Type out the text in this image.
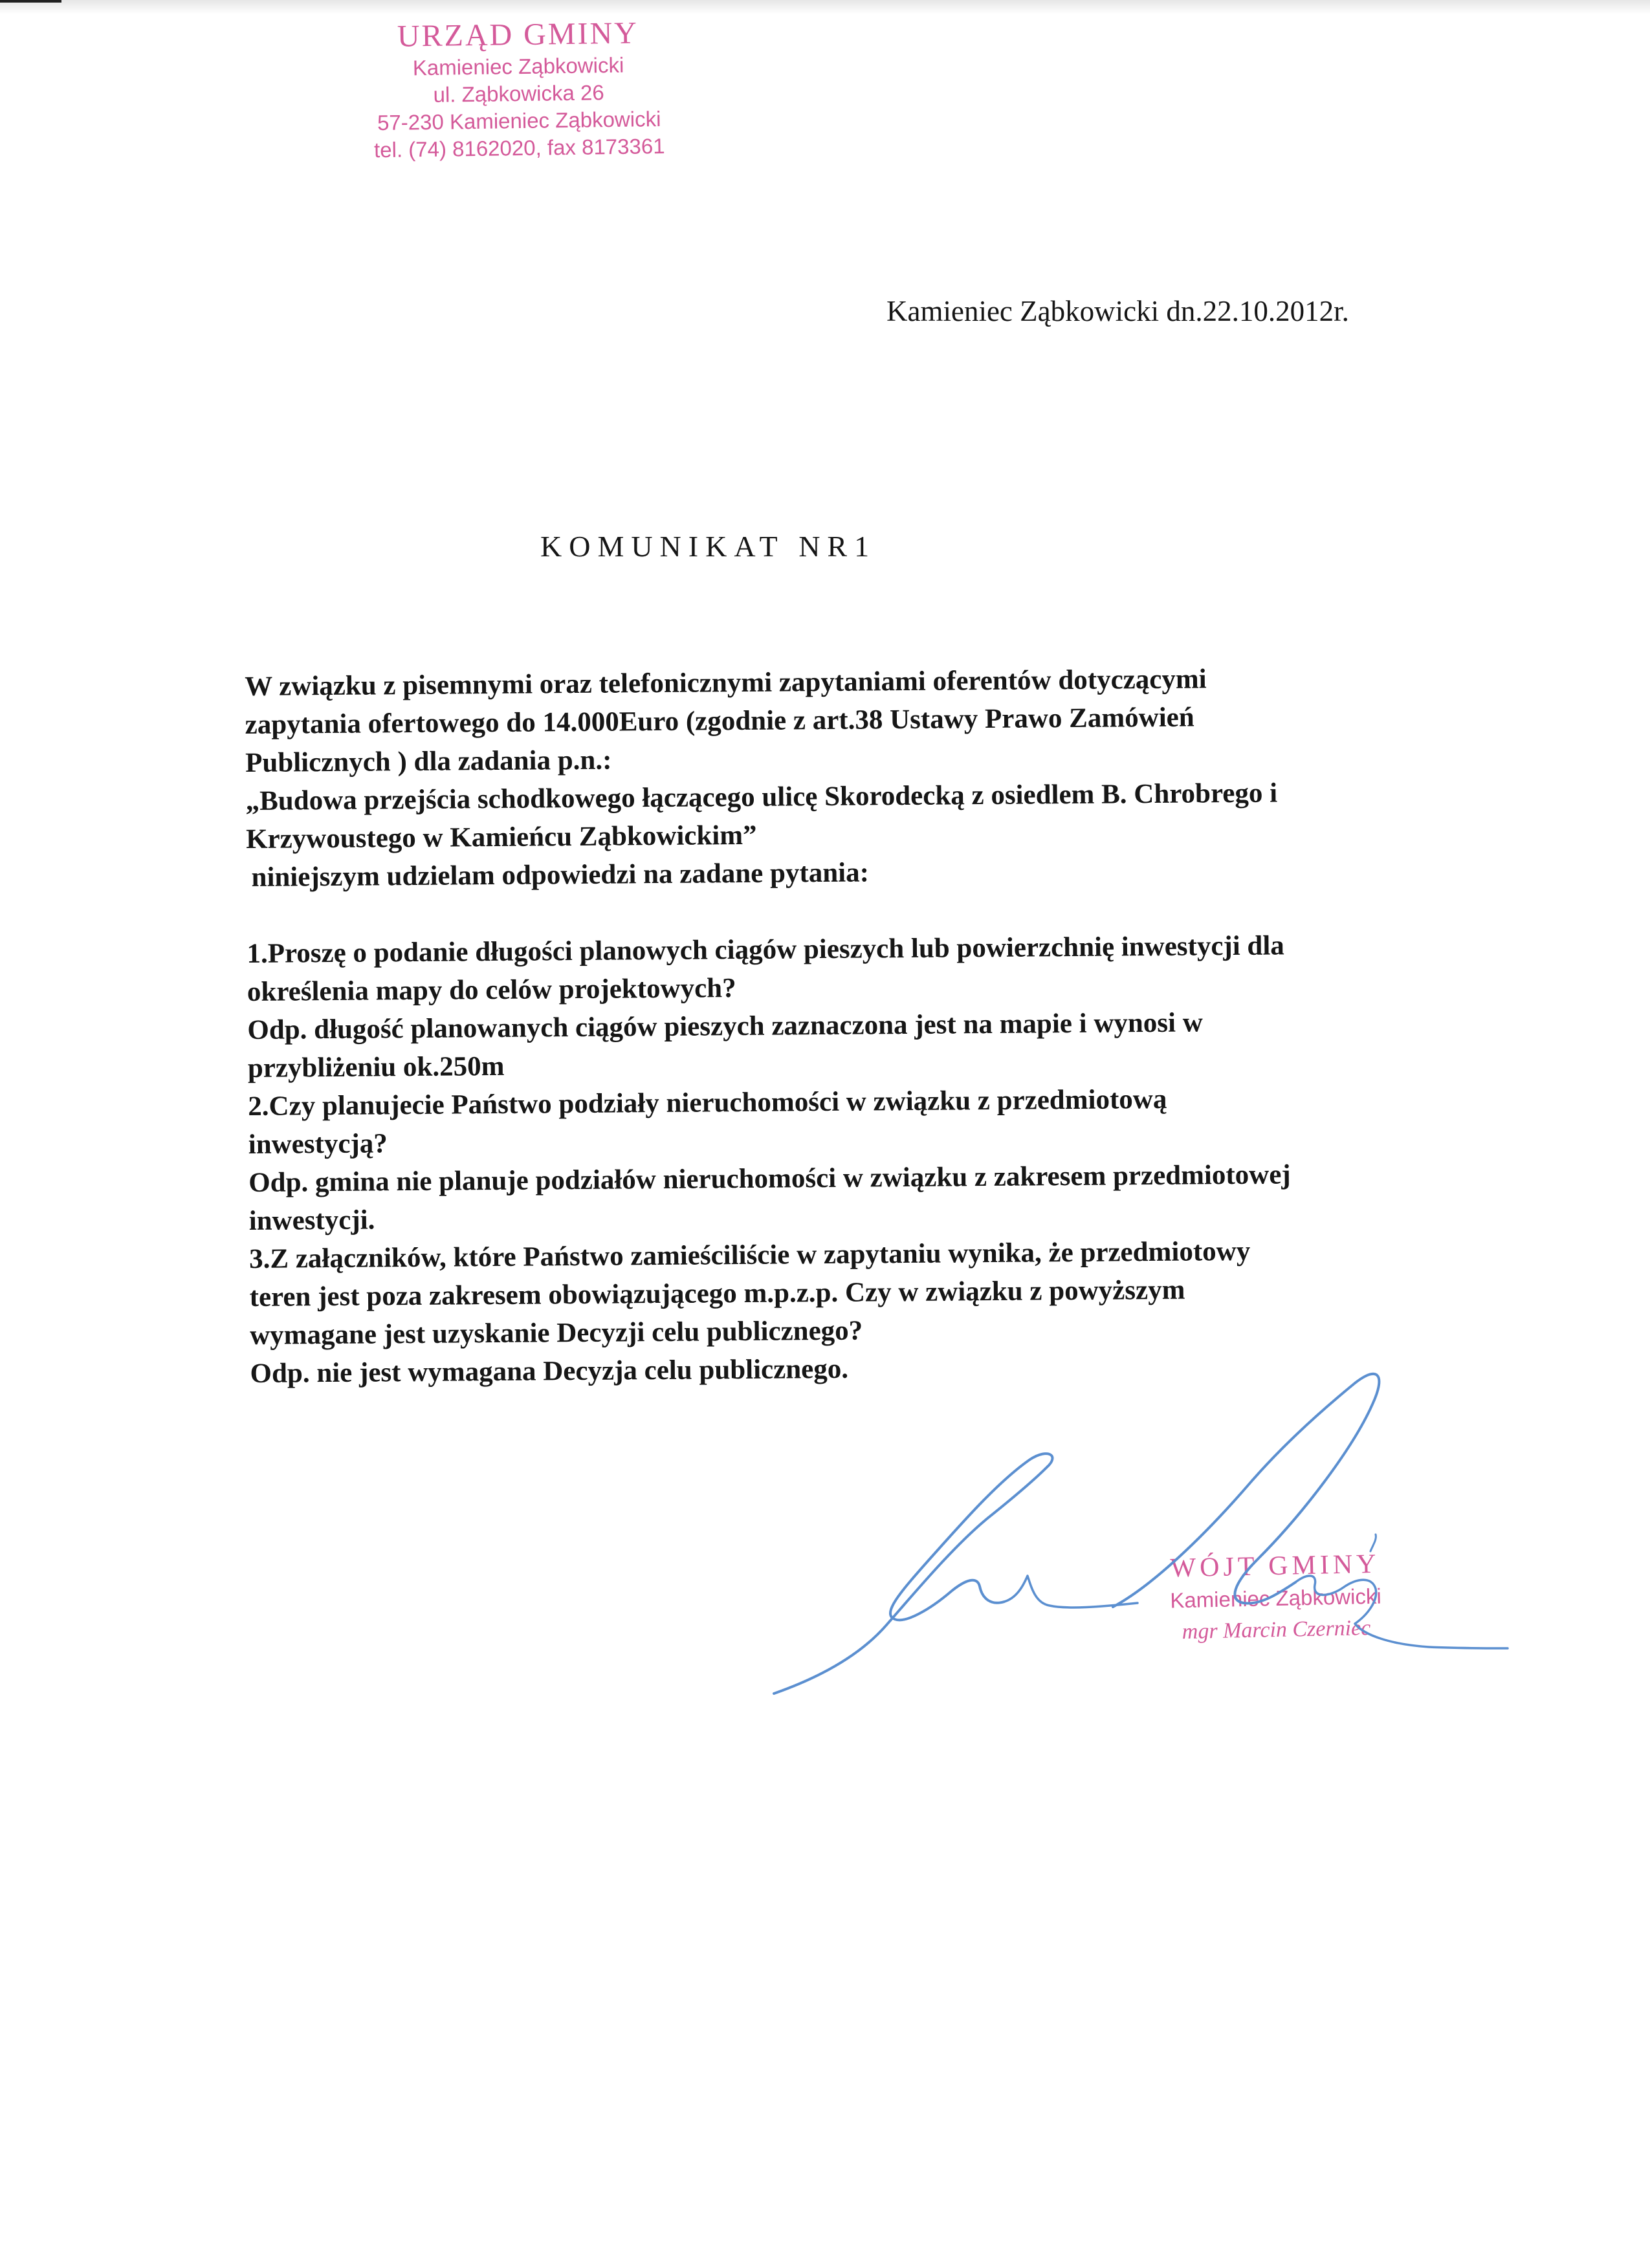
URZĄD GMINY
Kamieniec Ząbkowicki
ul. Ząbkowicka 26
57-230 Kamieniec Ząbkowicki
tel. (74) 8162020, fax 8173361
Kamieniec Ząbkowicki dn.22.10.2012r.
KOMUNIKAT NR1

W związku z pisemnymi oraz telefonicznymi zapytaniami oferentów dotyczącymi

zapytania ofertowego do 14.000Euro (zgodnie z art.38 Ustawy Prawo Zamówień

Publicznych ) dla zadania p.n.:

„Budowa przejścia schodkowego łączącego ulicę Skorodecką z osiedlem B. Chrobrego i

Krzywoustego w Kamieńcu Ząbkowickim”

niniejszym udzielam odpowiedzi na zadane pytania:

1.Proszę o podanie długości planowych ciągów pieszych lub powierzchnię inwestycji dla

określenia mapy do celów projektowych?

Odp. długość planowanych ciągów pieszych zaznaczona jest na mapie i wynosi w

przybliżeniu ok.250m

2.Czy planujecie Państwo podziały nieruchomości w związku z przedmiotową

inwestycją?

Odp. gmina nie planuje podziałów nieruchomości w związku z zakresem przedmiotowej

inwestycji.

3.Z załączników, które Państwo zamieściliście w zapytaniu wynika, że przedmiotowy

teren jest poza zakresem obowiązującego m.p.z.p. Czy w związku z powyższym

wymagane jest uzyskanie Decyzji celu publicznego?

Odp. nie jest wymagana Decyzja celu publicznego.

WÓJT GMINY
Kamieniec Ząbkowicki
mgr Marcin Czerniec
